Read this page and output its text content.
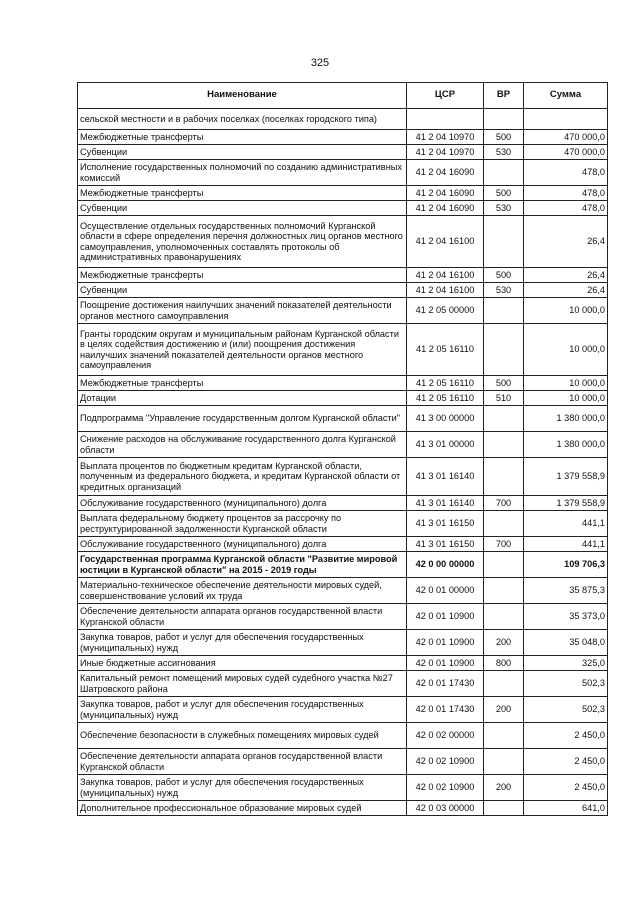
325
Наименование	ЦСР	ВР	Сумма
сельской местности и в рабочих поселках (поселках городского типа)			
Межбюджетные трансферты	41 2 04 10970	500	470 000,0
Субвенции	41 2 04 10970	530	470 000,0
Исполнение государственных полномочий по созданию административных комиссий	41 2 04 16090		478,0
Межбюджетные трансферты	41 2 04 16090	500	478,0
Субвенции	41 2 04 16090	530	478,0
Осуществление отдельных государственных полномочий Курганской области в сфере определения перечня должностных лиц органов местного самоуправления, уполномоченных составлять протоколы об административных правонарушениях	41 2 04 16100		26,4
Межбюджетные трансферты	41 2 04 16100	500	26,4
Субвенции	41 2 04 16100	530	26,4
Поощрение достижения наилучших значений показателей деятельности органов местного самоуправления	41 2 05 00000		10 000,0
Гранты городским округам и муниципальным районам Курганской области в целях содействия достижению и (или) поощрения достижения наилучших значений показателей деятельности органов местного самоуправления	41 2 05 16110		10 000,0
Межбюджетные трансферты	41 2 05 16110	500	10 000,0
Дотации	41 2 05 16110	510	10 000,0
Подпрограмма "Управление государственным долгом Курганской области"	41 3 00 00000		1 380 000,0
Снижение расходов на обслуживание государственного долга Курганской области	41 3 01 00000		1 380 000,0
Выплата процентов по бюджетным кредитам Курганской области, полученным из федерального бюджета, и кредитам Курганской области от кредитных организаций	41 3 01 16140		1 379 558,9
Обслуживание государственного (муниципального) долга	41 3 01 16140	700	1 379 558,9
Выплата федеральному бюджету процентов за рассрочку по реструктурированной задолженности Курганской области	41 3 01 16150		441,1
Обслуживание государственного (муниципального) долга	41 3 01 16150	700	441,1
Государственная программа Курганской области "Развитие мировой юстиции в Курганской области" на 2015 - 2019 годы	42 0 00 00000		109 706,3
Материально-техническое обеспечение деятельности мировых судей, совершенствование условий их труда	42 0 01 00000		35 875,3
Обеспечение деятельности аппарата органов государственной власти Курганской области	42 0 01 10900		35 373,0
Закупка товаров, работ и услуг для обеспечения государственных (муниципальных) нужд	42 0 01 10900	200	35 048,0
Иные бюджетные ассигнования	42 0 01 10900	800	325,0
Капитальный ремонт помещений мировых судей судебного участка №27 Шатровского района	42 0 01 17430		502,3
Закупка товаров, работ и услуг для обеспечения государственных (муниципальных) нужд	42 0 01 17430	200	502,3
Обеспечение безопасности в служебных помещениях мировых судей	42 0 02 00000		2 450,0
Обеспечение деятельности аппарата органов государственной власти Курганской области	42 0 02 10900		2 450,0
Закупка товаров, работ и услуг для обеспечения государственных (муниципальных) нужд	42 0 02 10900	200	2 450,0
Дополнительное профессиональное образование мировых судей	42 0 03 00000		641,0
